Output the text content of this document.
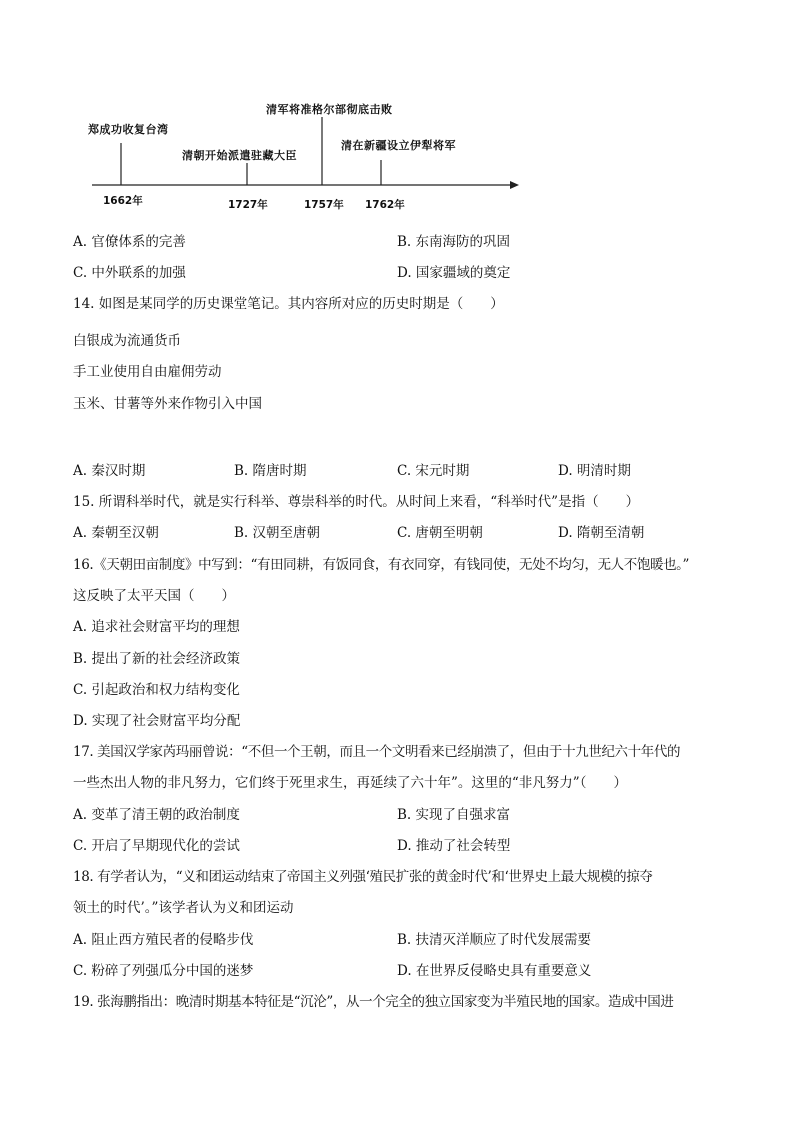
郑成功收复台湾
清朝开始派遣驻藏大臣
清军将准格尔部彻底击败
清在新疆设立伊犁将军
1662年	1727年	1757年 1762年
A. 官僚体系的完善	B. 东南海防的巩固
C. 中外联系的加强	D. 国家疆域的奠定
14. 如图是某同学的历史课堂笔记。其内容所对应的历史时期是（　　）
白银成为流通货币
手工业使用自由雇佣劳动
玉米、甘薯等外来作物引入中国
A. 秦汉时期	B. 隋唐时期	C. 宋元时期	D. 明清时期
15. 所谓科举时代，就是实行科举、尊崇科举的时代。从时间上来看，“科举时代”是指（　　）
A. 秦朝至汉朝	B. 汉朝至唐朝	C. 唐朝至明朝	D. 隋朝至清朝
16.《天朝田亩制度》中写到：“有田同耕，有饭同食，有衣同穿，有钱同使，无处不均匀，无人不饱暖也。”
这反映了太平天国（　　）
A. 追求社会财富平均的理想
B. 提出了新的社会经济政策
C. 引起政治和权力结构变化
D. 实现了社会财富平均分配
17. 美国汉学家芮玛丽曾说：“不但一个王朝，而且一个文明看来已经崩溃了，但由于十九世纪六十年代的
一些杰出人物的非凡努力，它们终于死里求生，再延续了六十年”。这里的“非凡努力”（　　）
A. 变革了清王朝的政治制度	B. 实现了自强求富
C. 开启了早期现代化的尝试	D. 推动了社会转型
18. 有学者认为，“义和团运动结束了帝国主义列强‘殖民扩张的黄金时代’和‘世界史上最大规模的掠夺
领土的时代’。”该学者认为义和团运动
A. 阻止西方殖民者的侵略步伐	B. 扶清灭洋顺应了时代发展需要
C. 粉碎了列强瓜分中国的迷梦	D. 在世界反侵略史具有重要意义
19. 张海鹏指出：晚清时期基本特征是“沉沦”，从一个完全的独立国家变为半殖民地的国家。造成中国进
